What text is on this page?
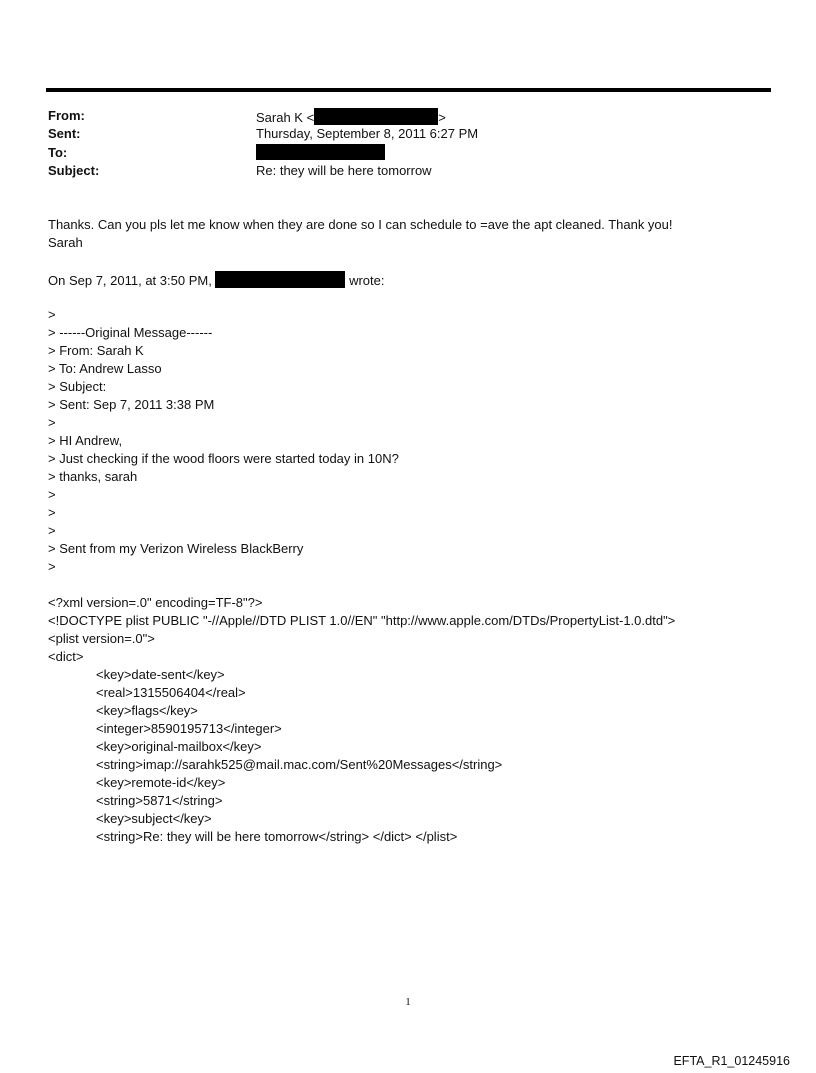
From:
Sent:
To:
Subject:
Sarah K <	>
Thursday, September 8, 2011 6:27 PM
Re: they will be here tomorrow
Thanks. Can you pls let me know when they are done so I can schedule to =ave the apt cleaned. Thank you!
Sarah
On Sep 7, 2011, at 3:50 PM,	wrote:
>
> ------Original Message------
> From: Sarah K
> To: Andrew Lasso
> Subject:
> Sent: Sep 7, 2011 3:38 PM
>
> HI Andrew,
> Just checking if the wood floors were started today in 10N?
> thanks, sarah
>
>
>
> Sent from my Verizon Wireless BlackBerry
>
<?xml version=.0" encoding=TF-8"?>
<!DOCTYPE plist PUBLIC "-//Apple//DTD PLIST 1.0//EN" "http://www.apple.com/DTDs/PropertyList-1.0.dtd">
<plist version=.0">
<dict>
<key>date-sent</key>
<real>1315506404</real>
<key>flags</key>
<integer>8590195713</integer>
<key>original-mailbox</key>
<string>imap://sarahk525@mail.mac.com/Sent%20Messages</string>
<key>remote-id</key>
<string>5871</string>
<key>subject</key>
<string>Re: they will be here tomorrow</string> </dict> </plist>
1
EFTA_R1_01245916
